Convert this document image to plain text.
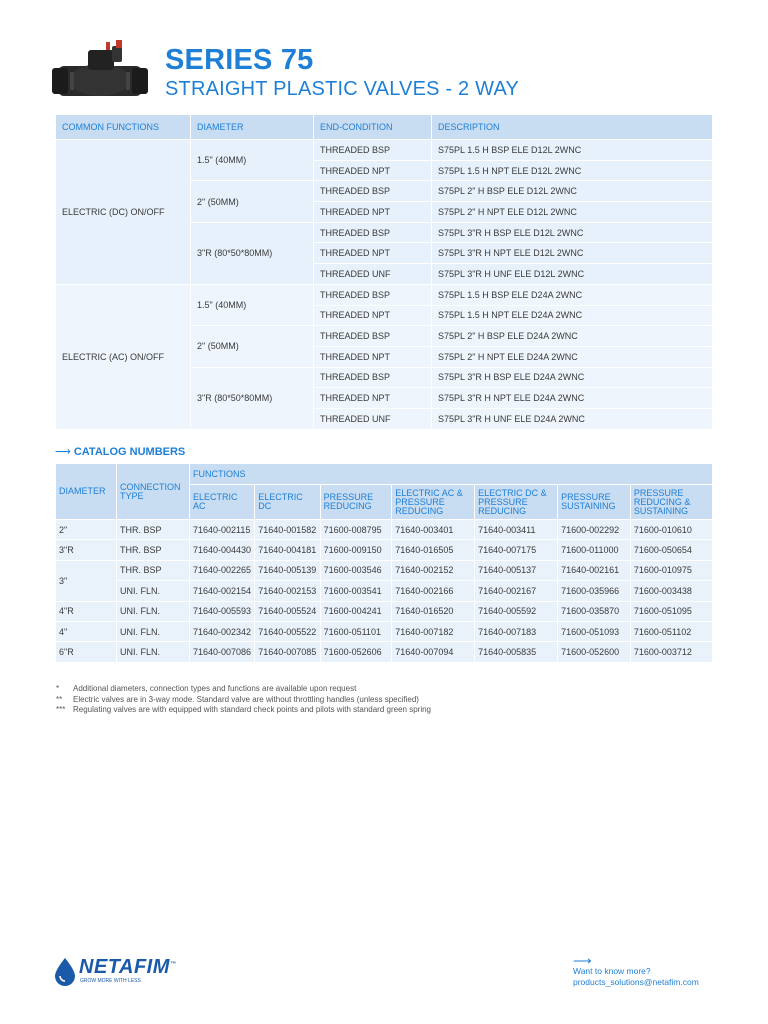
SERIES 75
STRAIGHT PLASTIC VALVES - 2 WAY
COMMON FUNCTIONS	DIAMETER	END-CONDITION	DESCRIPTION
ELECTRIC (DC) ON/OFF	1.5" (40MM)	THREADED BSP	S75PL 1.5 H BSP ELE D12L 2WNC
		THREADED NPT	S75PL 1.5 H NPT ELE D12L 2WNC
	2" (50MM)	THREADED BSP	S75PL 2" H BSP ELE D12L 2WNC
		THREADED NPT	S75PL 2" H NPT ELE D12L 2WNC
	3"R (80*50*80MM)	THREADED BSP	S75PL 3"R H BSP ELE D12L 2WNC
		THREADED NPT	S75PL 3"R H NPT ELE D12L 2WNC
		THREADED UNF	S75PL 3"R H UNF ELE D12L 2WNC
ELECTRIC (AC) ON/OFF	1.5" (40MM)	THREADED BSP	S75PL 1.5 H BSP ELE D24A 2WNC
		THREADED NPT	S75PL 1.5 H NPT ELE D24A 2WNC
	2" (50MM)	THREADED BSP	S75PL 2" H BSP ELE D24A 2WNC
		THREADED NPT	S75PL 2" H NPT ELE D24A 2WNC
	3"R (80*50*80MM)	THREADED BSP	S75PL 3"R H BSP ELE D24A 2WNC
		THREADED NPT	S75PL 3"R H NPT ELE D24A 2WNC
		THREADED UNF	S75PL 3"R H UNF ELE D24A 2WNC
⟶ CATALOG NUMBERS
DIAMETER	CONNECTION TYPE	FUNCTIONS						
		ELECTRIC AC	ELECTRIC DC	PRESSURE REDUCING	ELECTRIC AC & PRESSURE REDUCING	ELECTRIC DC & PRESSURE REDUCING	PRESSURE SUSTAINING	PRESSURE REDUCING & SUSTAINING
2"	THR. BSP	71640-002115	71640-001582	71600-008795	71640-003401	71640-003411	71600-002292	71600-010610
3"R	THR. BSP	71640-004430	71640-004181	71600-009150	71640-016505	71640-007175	71600-011000	71600-050654
3"	THR. BSP	71640-002265	71640-005139	71600-003546	71640-002152	71640-005137	71640-002161	71600-010975
	UNI. FLN.	71640-002154	71640-002153	71600-003541	71640-002166	71640-002167	71600-035966	71600-003438
4"R	UNI. FLN.	71640-005593	71640-005524	71600-004241	71640-016520	71640-005592	71600-035870	71600-051095
4"	UNI. FLN.	71640-002342	71640-005522	71600-051101	71640-007182	71640-007183	71600-051093	71600-051102
6"R	UNI. FLN.	71640-007086	71640-007085	71600-052606	71640-007094	71640-005835	71600-052600	71600-003712
* Additional diameters, connection types and functions are available upon request
** Electric valves are in 3-way mode. Standard valve are without throttling handles (unless specified)
*** Regulating valves are with equipped with standard check points and pilots with standard green spring
NETAFIM™
GROW MORE WITH LESS
⟶
Want to know more?
products_solutions@netafim.com
